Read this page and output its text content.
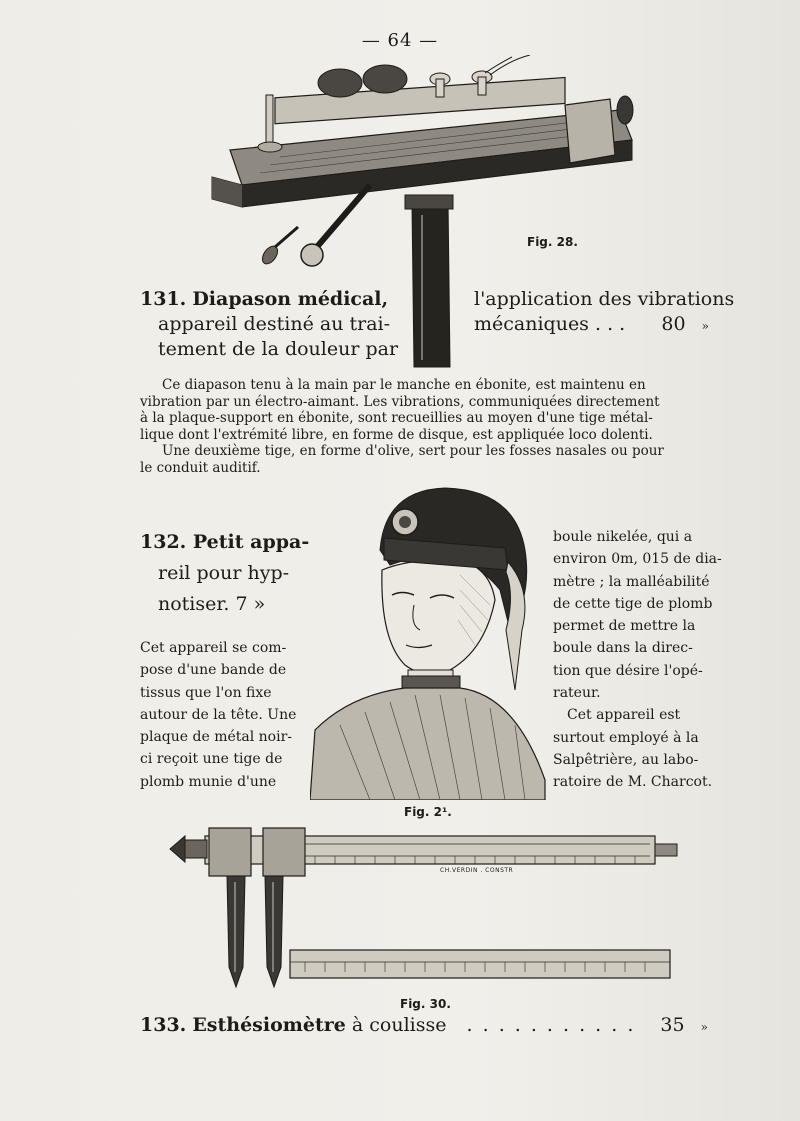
— 64 —
Fig. 28.
131. Diapason médical,
appareil destiné au trai-
tement de la douleur par
l'application des vibrations
mécaniques . . . 80 »
Ce diapason tenu à la main par le manche en ébonite, est maintenu en
vibration par un électro-aimant. Les vibrations, communiquées directement
à la plaque-support en ébonite, sont recueillies au moyen d'une tige métal-
lique dont l'extrémité libre, en forme de disque, est appliquée loco dolenti.
Une deuxième tige, en forme d'olive, sert pour les fosses nasales ou pour
le conduit auditif.
Fig. 2¹.
132. Petit appa-
reil pour hyp-
notiser. 7 »
Cet appareil se com-
pose d'une bande de
tissus que l'on fixe
autour de la tête. Une
plaque de métal noir-
ci reçoit une tige de
plomb munie d'une
boule nikelée, qui a
environ 0m, 015 de dia-
mètre ; la malléabilité
de cette tige de plomb
permet de mettre la
boule dans la direc-
tion que désire l'opé-
rateur.
Cet appareil est
surtout employé à la
Salpêtrière, au labo-
ratoire de M. Charcot.
CH.VERDIN . CONSTR
Fig. 30.
133. Esthésiomètre à coulisse . . . . . . . . . . . 35 »
